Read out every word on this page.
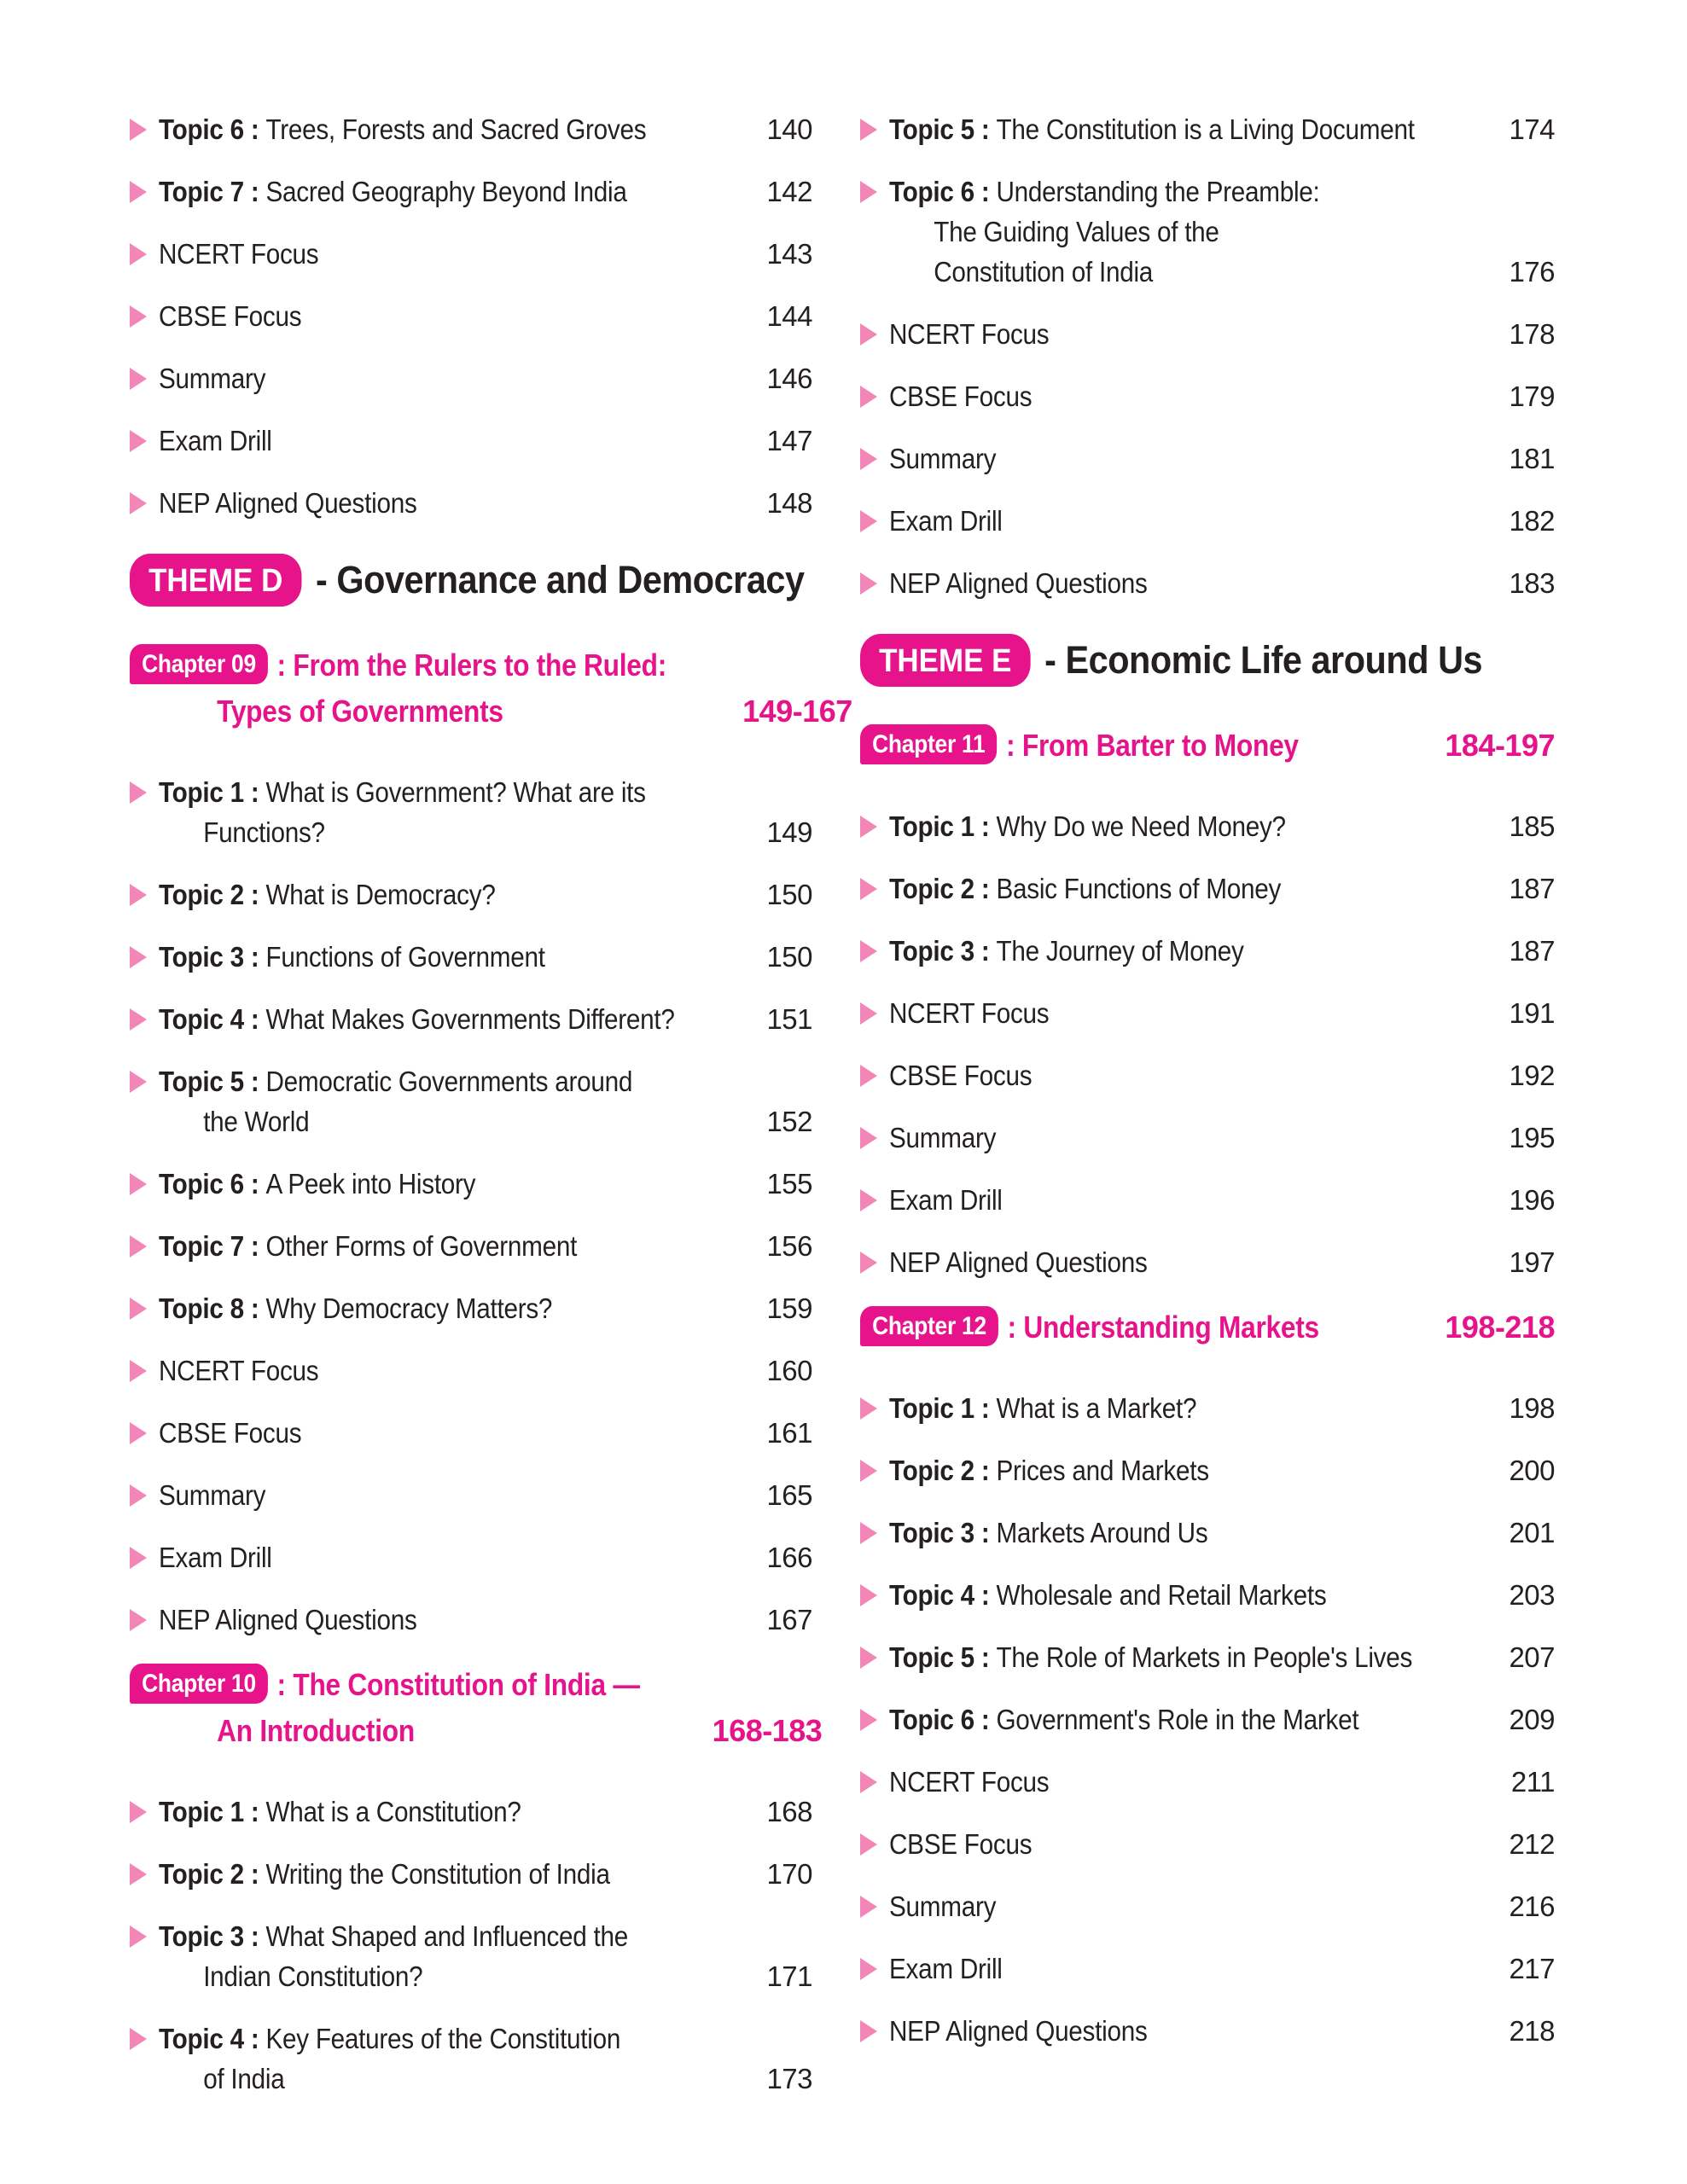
Topic 6 : Trees, Forests and Sacred Groves	140
Topic 7 : Sacred Geography Beyond India	142
NCERT Focus	143
CBSE Focus	144
Summary	146
Exam Drill	147
NEP Aligned Questions	148
THEME D - Governance and Democracy
Chapter 09 : From the Rulers to the Ruled:
Types of Governments	149-167
Topic 1 : What is Government? What are its
Functions?	149
Topic 2 : What is Democracy?	150
Topic 3 : Functions of Government	150
Topic 4 : What Makes Governments Different?	151
Topic 5 : Democratic Governments around
the World	152
Topic 6 : A Peek into History	155
Topic 7 : Other Forms of Government	156
Topic 8 : Why Democracy Matters?	159
NCERT Focus	160
CBSE Focus	161
Summary	165
Exam Drill	166
NEP Aligned Questions	167
Chapter 10 : The Constitution of India —
An Introduction	168-183
Topic 1 : What is a Constitution?	168
Topic 2 : Writing the Constitution of India	170
Topic 3 : What Shaped and Influenced the
Indian Constitution?	171
Topic 4 : Key Features of the Constitution
of India	173
Topic 5 : The Constitution is a Living Document	174
Topic 6 : Understanding the Preamble:
The Guiding Values of the
Constitution of India	176
NCERT Focus	178
CBSE Focus	179
Summary	181
Exam Drill	182
NEP Aligned Questions	183
THEME E - Economic Life around Us
Chapter 11 : From Barter to Money	184-197
Topic 1 : Why Do we Need Money?	185
Topic 2 : Basic Functions of Money	187
Topic 3 : The Journey of Money	187
NCERT Focus	191
CBSE Focus	192
Summary	195
Exam Drill	196
NEP Aligned Questions	197
Chapter 12 : Understanding Markets	198-218
Topic 1 : What is a Market?	198
Topic 2 : Prices and Markets	200
Topic 3 : Markets Around Us	201
Topic 4 : Wholesale and Retail Markets	203
Topic 5 : The Role of Markets in People's Lives	207
Topic 6 : Government's Role in the Market	209
NCERT Focus	211
CBSE Focus	212
Summary	216
Exam Drill	217
NEP Aligned Questions	218
